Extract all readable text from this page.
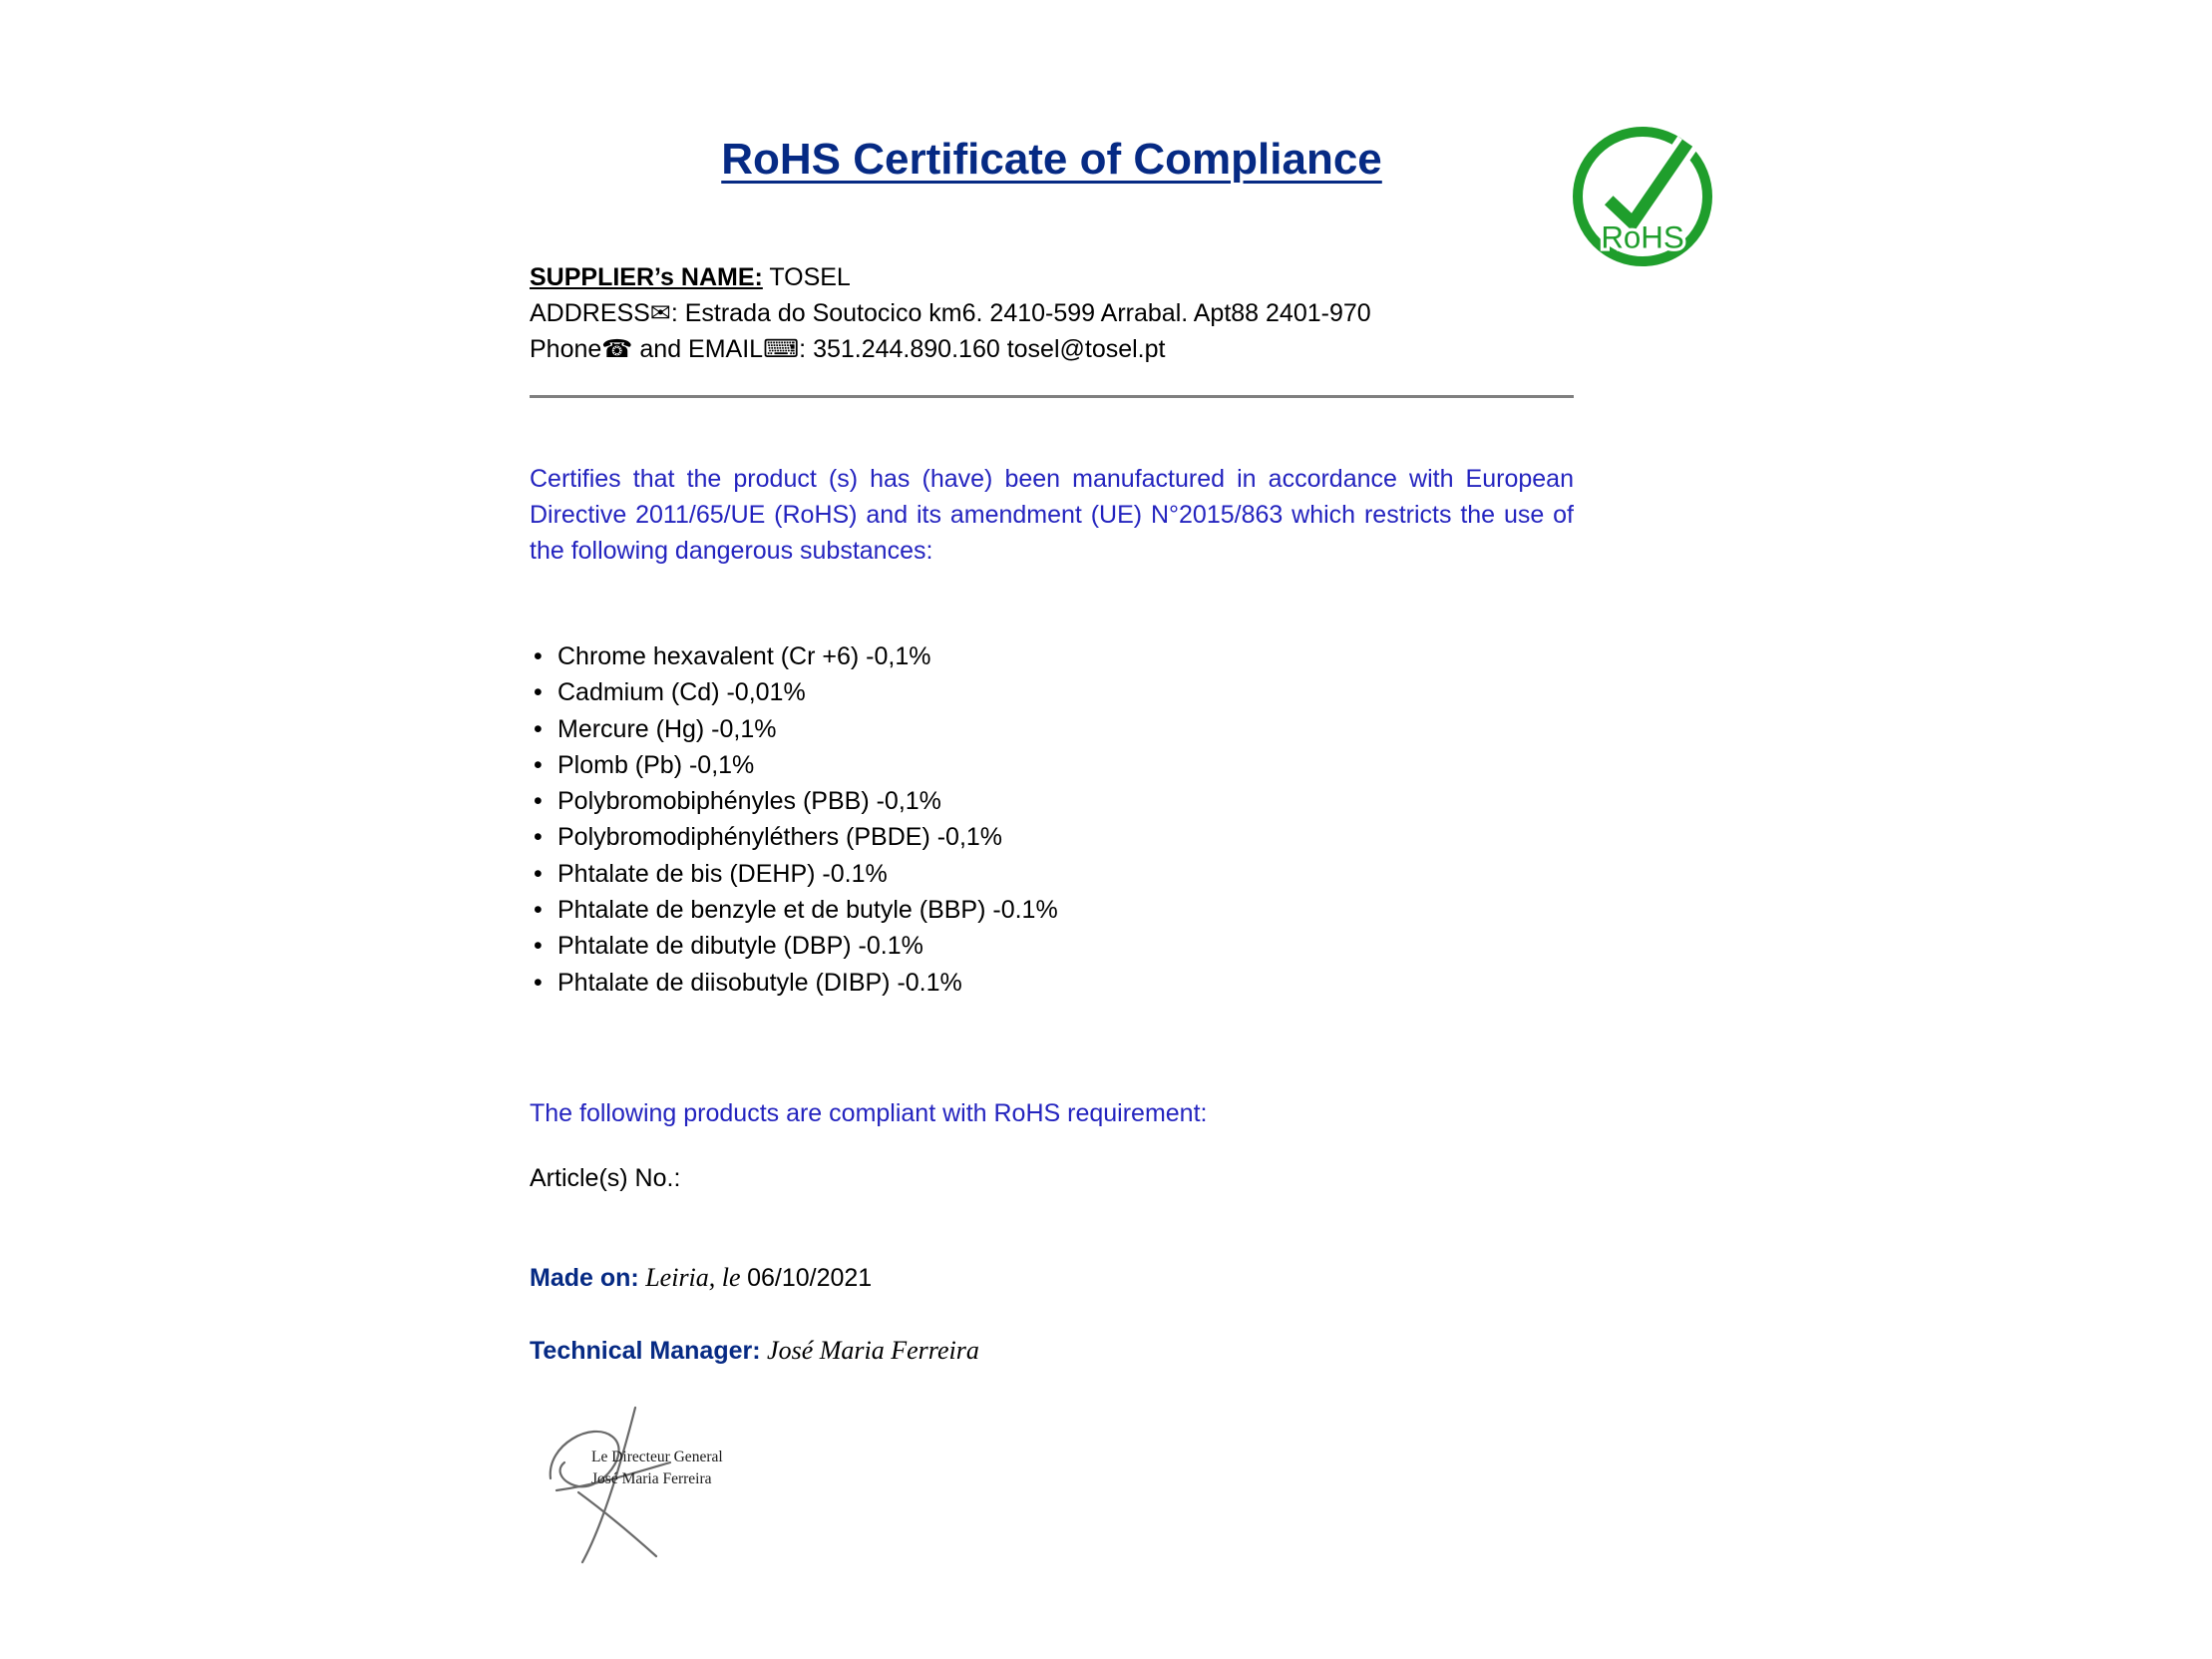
RoHS Certificate of Compliance
RoHS
SUPPLIER’s NAME: TOSEL
ADDRESS✉: Estrada do Soutocico km6. 2410-599 Arrabal. Apt88 2401-970
Phone☎ and EMAIL⌨: 351.244.890.160 tosel@tosel.pt

Certifies that the product (s) has (have) been manufactured in accordance with European Directive 2011/65/UE (RoHS) and its amendment (UE) N°2015/863 which restricts the use of the following dangerous substances:

• Chrome hexavalent (Cr +6) -0,1%
• Cadmium (Cd) -0,01%
• Mercure (Hg) -0,1%
• Plomb (Pb) -0,1%
• Polybromobiphényles (PBB) -0,1%
• Polybromodiphényléthers (PBDE) -0,1%
• Phtalate de bis (DEHP) -0.1%
• Phtalate de benzyle et de butyle (BBP) -0.1%
• Phtalate de dibutyle (DBP) -0.1%
• Phtalate de diisobutyle (DIBP) -0.1%
The following products are compliant with RoHS requirement:
Article(s) No.:
Made on: Leiria, le 06/10/2021
Technical Manager: José Maria Ferreira
Le Directeur General
José Maria Ferreira
